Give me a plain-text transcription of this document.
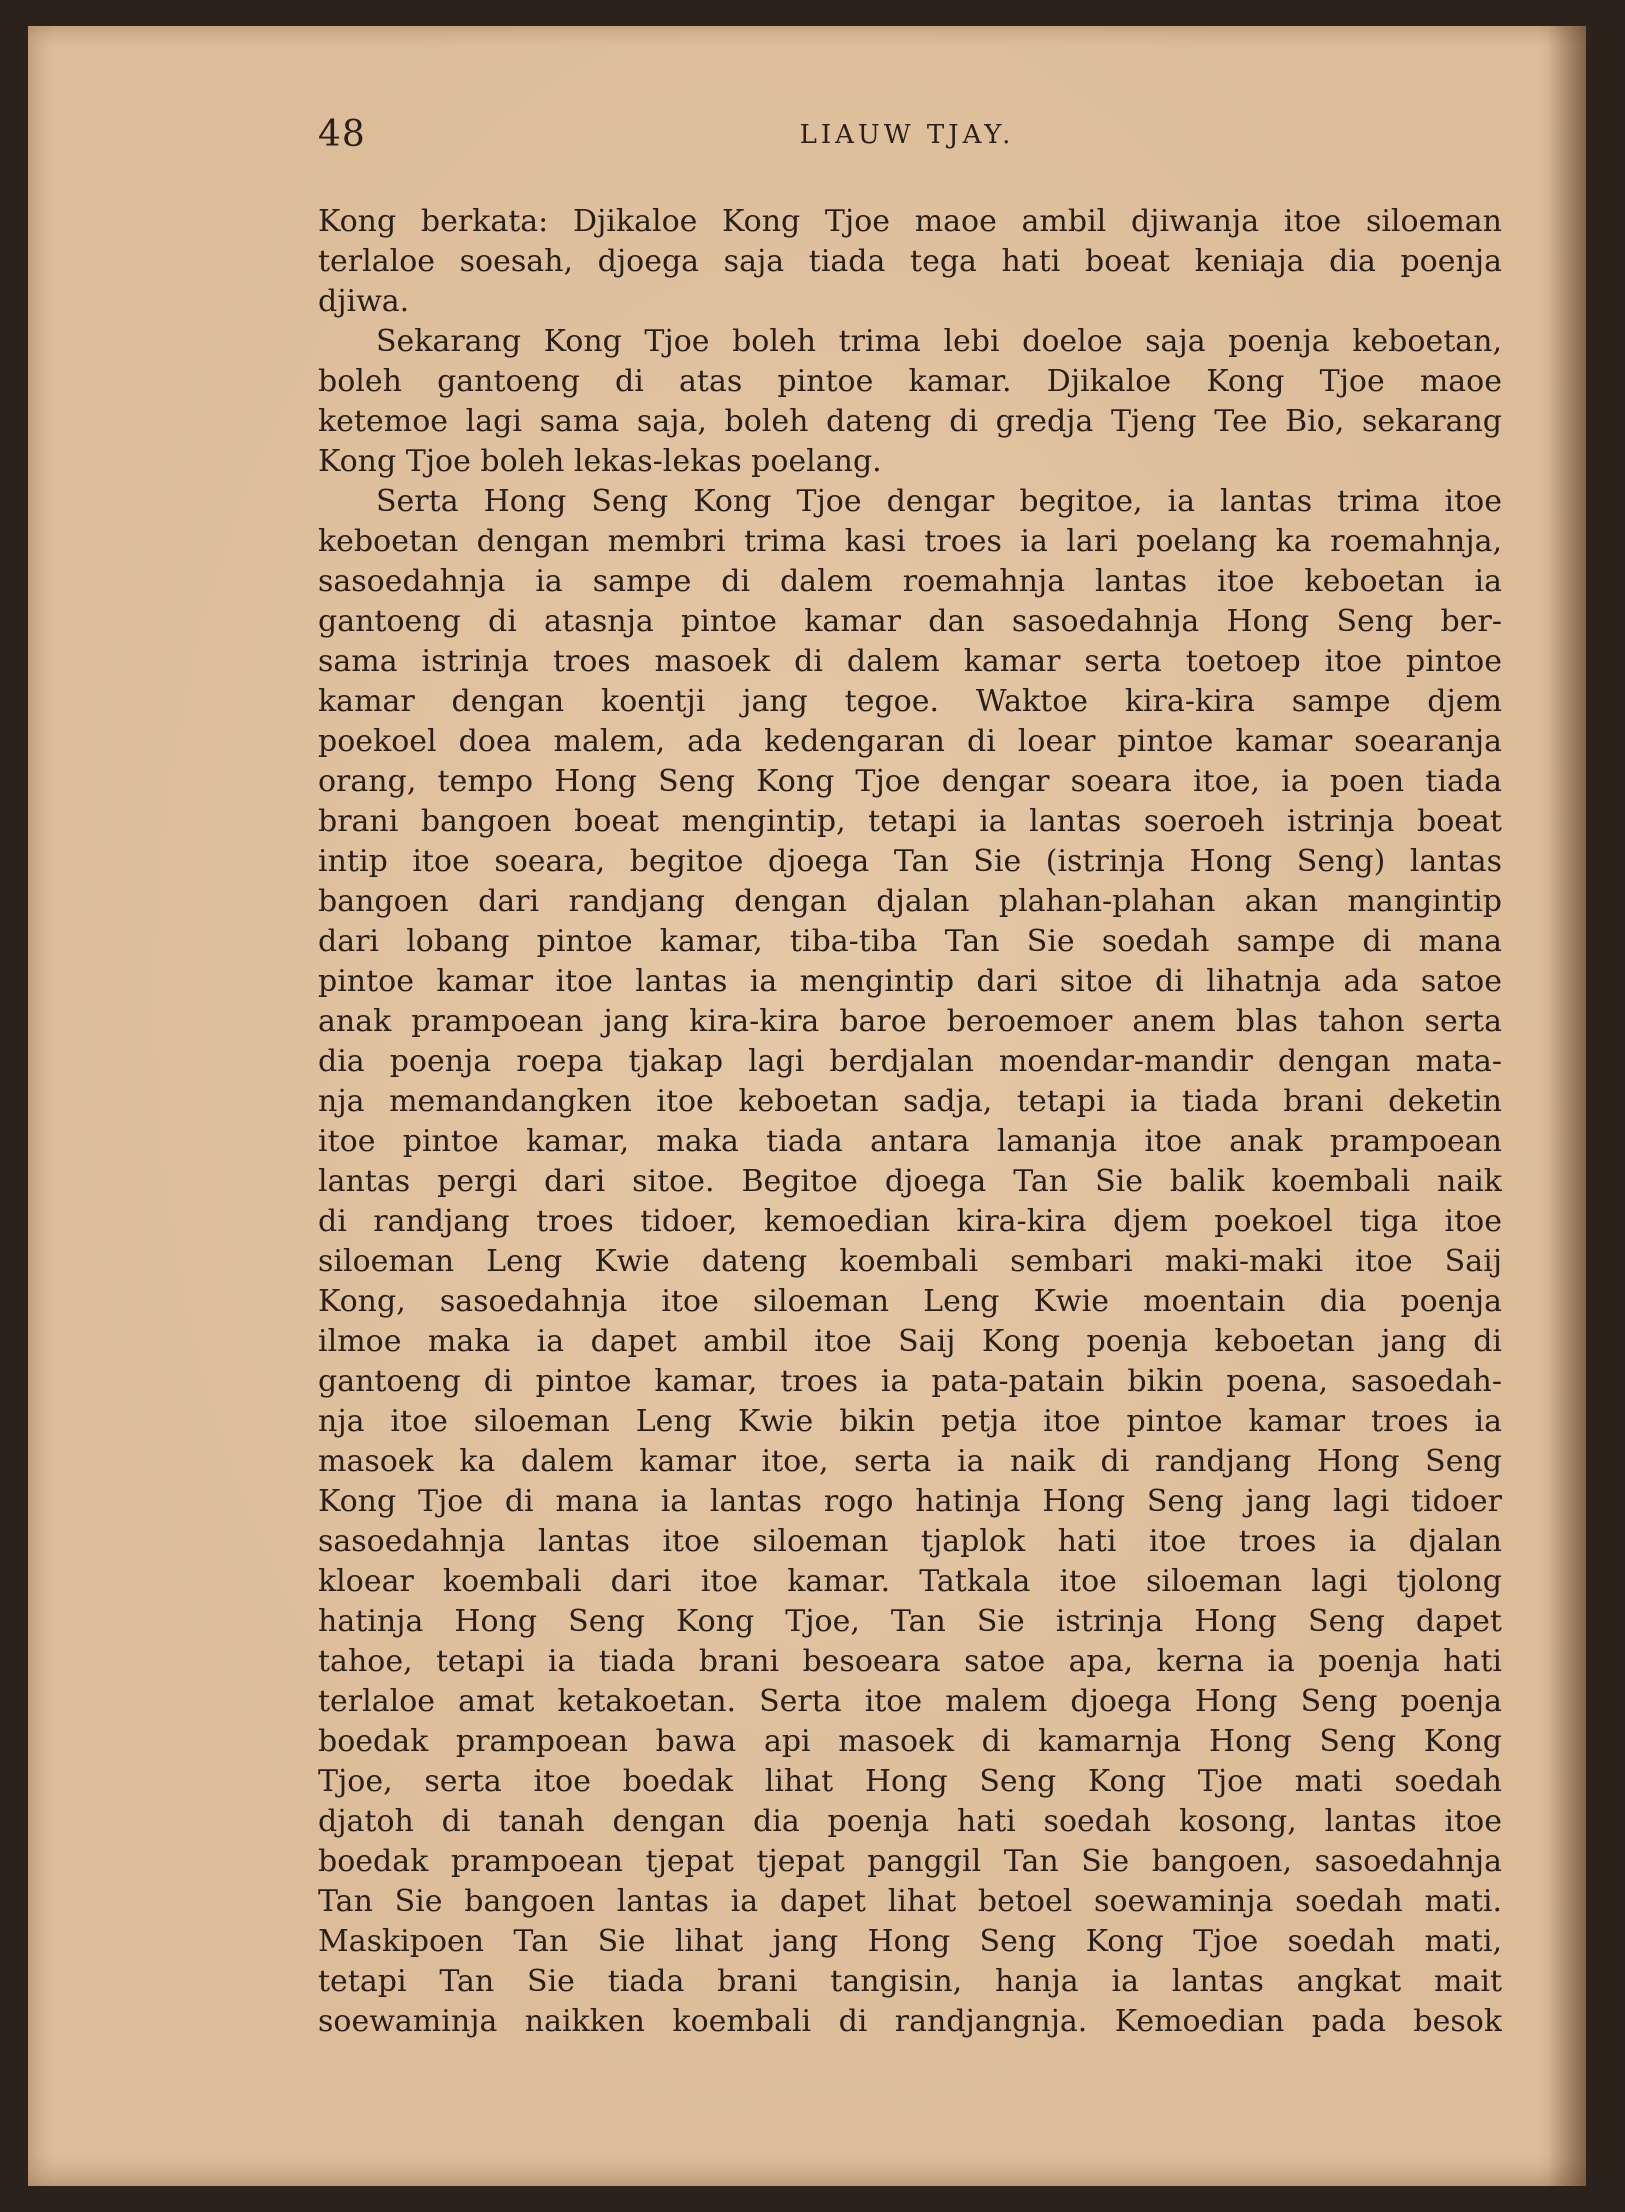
48	LIAUW TJAY.
Kong berkata: Djikaloe Kong Tjoe maoe ambil djiwanja itoe siloeman
terlaloe soesah, djoega saja tiada tega hati boeat keniaja dia poenja
djiwa.
Sekarang Kong Tjoe boleh trima lebi doeloe saja poenja keboetan,
boleh gantoeng di atas pintoe kamar. Djikaloe Kong Tjoe maoe
ketemoe lagi sama saja, boleh dateng di gredja Tjeng Tee Bio, sekarang
Kong Tjoe boleh lekas-lekas poelang.
Serta Hong Seng Kong Tjoe dengar begitoe, ia lantas trima itoe
keboetan dengan membri trima kasi troes ia lari poelang ka roemahnja,
sasoedahnja ia sampe di dalem roemahnja lantas itoe keboetan ia
gantoeng di atasnja pintoe kamar dan sasoedahnja Hong Seng ber-
sama istrinja troes masoek di dalem kamar serta toetoep itoe pintoe
kamar dengan koentji jang tegoe. Waktoe kira-kira sampe djem
poekoel doea malem, ada kedengaran di loear pintoe kamar soearanja
orang, tempo Hong Seng Kong Tjoe dengar soeara itoe, ia poen tiada
brani bangoen boeat mengintip, tetapi ia lantas soeroeh istrinja boeat
intip itoe soeara, begitoe djoega Tan Sie (istrinja Hong Seng) lantas
bangoen dari randjang dengan djalan plahan-plahan akan mangintip
dari lobang pintoe kamar, tiba-tiba Tan Sie soedah sampe di mana
pintoe kamar itoe lantas ia mengintip dari sitoe di lihatnja ada satoe
anak prampoean jang kira-kira baroe beroemoer anem blas tahon serta
dia poenja roepa tjakap lagi berdjalan moendar-mandir dengan mata-
nja memandangken itoe keboetan sadja, tetapi ia tiada brani deketin
itoe pintoe kamar, maka tiada antara lamanja itoe anak prampoean
lantas pergi dari sitoe. Begitoe djoega Tan Sie balik koembali naik
di randjang troes tidoer, kemoedian kira-kira djem poekoel tiga itoe
siloeman Leng Kwie dateng koembali sembari maki-maki itoe Saij
Kong, sasoedahnja itoe siloeman Leng Kwie moentain dia poenja
ilmoe maka ia dapet ambil itoe Saij Kong poenja keboetan jang di
gantoeng di pintoe kamar, troes ia pata-patain bikin poena, sasoedah-
nja itoe siloeman Leng Kwie bikin petja itoe pintoe kamar troes ia
masoek ka dalem kamar itoe, serta ia naik di randjang Hong Seng
Kong Tjoe di mana ia lantas rogo hatinja Hong Seng jang lagi tidoer
sasoedahnja lantas itoe siloeman tjaplok hati itoe troes ia djalan
kloear koembali dari itoe kamar. Tatkala itoe siloeman lagi tjolong
hatinja Hong Seng Kong Tjoe, Tan Sie istrinja Hong Seng dapet
tahoe, tetapi ia tiada brani besoeara satoe apa, kerna ia poenja hati
terlaloe amat ketakoetan. Serta itoe malem djoega Hong Seng poenja
boedak prampoean bawa api masoek di kamarnja Hong Seng Kong
Tjoe, serta itoe boedak lihat Hong Seng Kong Tjoe mati soedah
djatoh di tanah dengan dia poenja hati soedah kosong, lantas itoe
boedak prampoean tjepat tjepat panggil Tan Sie bangoen, sasoedahnja
Tan Sie bangoen lantas ia dapet lihat betoel soewaminja soedah mati.
Maskipoen Tan Sie lihat jang Hong Seng Kong Tjoe soedah mati,
tetapi Tan Sie tiada brani tangisin, hanja ia lantas angkat mait
soewaminja naikken koembali di randjangnja. Kemoedian pada besok
